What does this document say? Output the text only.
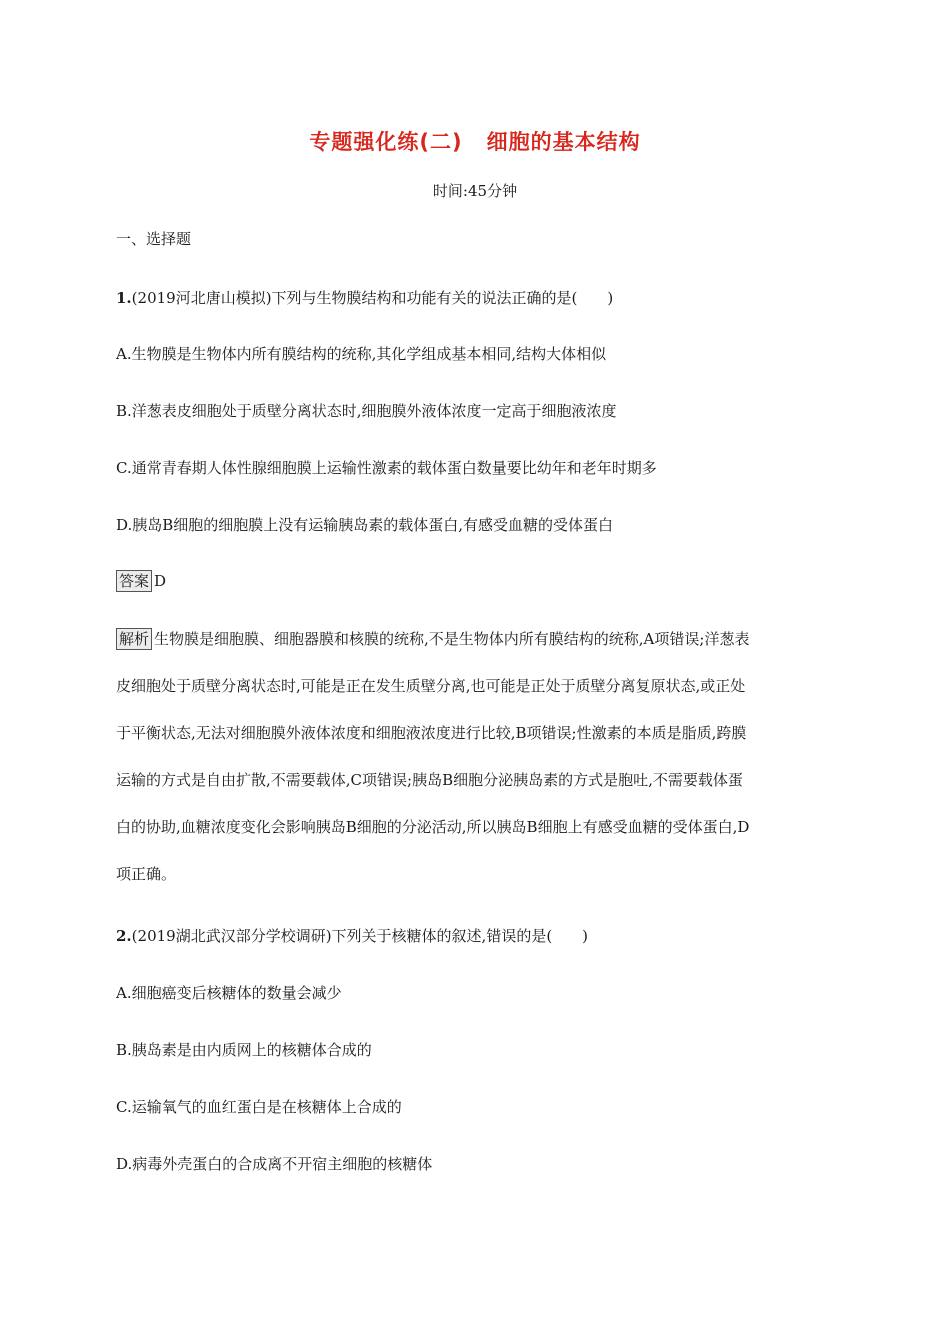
专题强化练(二) 细胞的基本结构
时间:45分钟
一、选择题
1.(2019河北唐山模拟)下列与生物膜结构和功能有关的说法正确的是(　　)
A.生物膜是生物体内所有膜结构的统称,其化学组成基本相同,结构大体相似
B.洋葱表皮细胞处于质壁分离状态时,细胞膜外液体浓度一定高于细胞液浓度
C.通常青春期人体性腺细胞膜上运输性激素的载体蛋白数量要比幼年和老年时期多
D.胰岛B细胞的细胞膜上没有运输胰岛素的载体蛋白,有感受血糖的受体蛋白
答案 D
解析 生物膜是细胞膜、细胞器膜和核膜的统称,不是生物体内所有膜结构的统称,A项错误;洋葱表
皮细胞处于质壁分离状态时,可能是正在发生质壁分离,也可能是正处于质壁分离复原状态,或正处
于平衡状态,无法对细胞膜外液体浓度和细胞液浓度进行比较,B项错误;性激素的本质是脂质,跨膜
运输的方式是自由扩散,不需要载体,C项错误;胰岛B细胞分泌胰岛素的方式是胞吐,不需要载体蛋
白的协助,血糖浓度变化会影响胰岛B细胞的分泌活动,所以胰岛B细胞上有感受血糖的受体蛋白,D
项正确。
2.(2019湖北武汉部分学校调研)下列关于核糖体的叙述,错误的是(　　)
A.细胞癌变后核糖体的数量会减少
B.胰岛素是由内质网上的核糖体合成的
C.运输氧气的血红蛋白是在核糖体上合成的
D.病毒外壳蛋白的合成离不开宿主细胞的核糖体
